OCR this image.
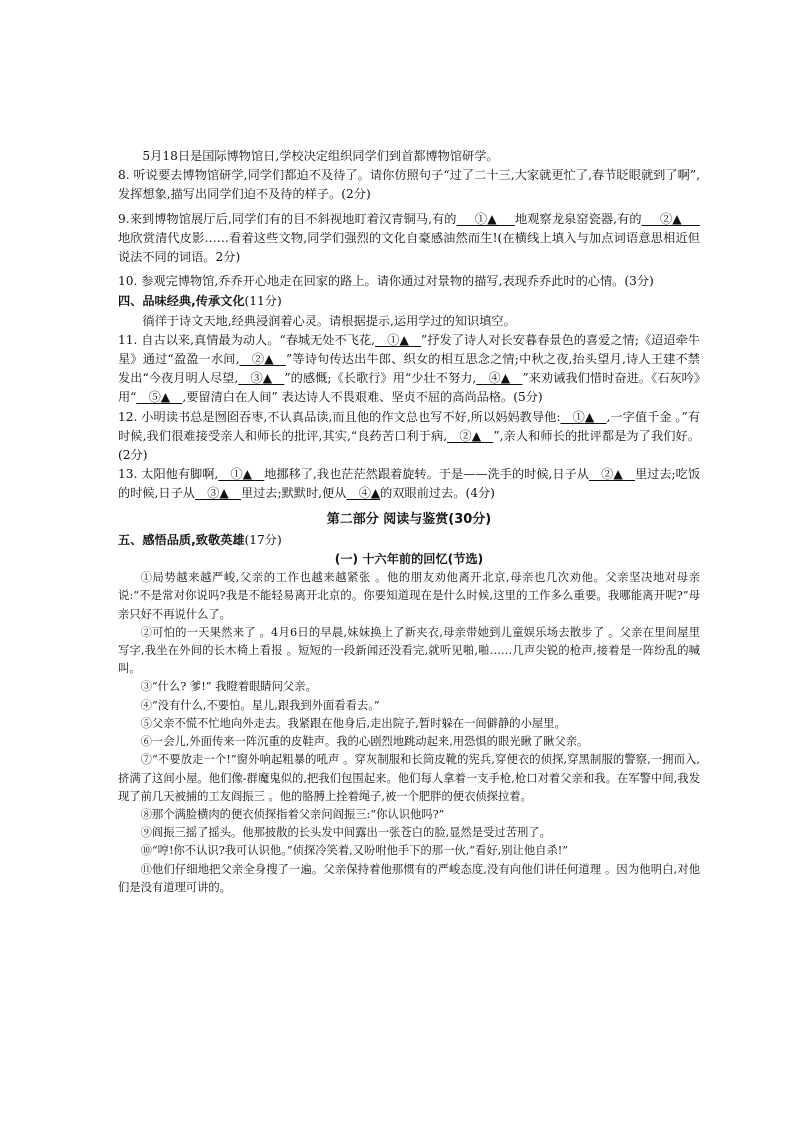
5月18日是国际博物馆日,学校决定组织同学们到首都博物馆研学。

8. 听说要去博物馆研学,同学们都迫不及待了。请你仿照句子“过了二十三,大家就更忙了,春节眨眼就到了啊”,发挥想象,描写出同学们迫不及待的样子。(2分)

9.来到博物馆展厅后,同学们有的目不斜视地盯着汉青铜马,有的___①▲___地观察龙泉窑瓷器,有的___②▲___地欣赏清代皮影……看着这些文物,同学们强烈的文化自豪感油然而生!(在横线上填入与加点词语意思相近但说法不同的词语。2分)

10. 参观完博物馆,乔乔开心地走在回家的路上。请你通过对景物的描写,表现乔乔此时的心情。(3分)

四、品味经典,传承文化(11分)

徜徉于诗文天地,经典浸润着心灵。请根据提示,运用学过的知识填空。

11. 自古以来,真情最为动人。“春城无处不飞花,__①▲__”抒发了诗人对长安暮春景色的喜爱之情;《迢迢牵牛星》通过“盈盈一水间,__②▲__”等诗句传达出牛郎、织女的相互思念之情;中秋之夜,抬头望月,诗人王建不禁发出“今夜月明人尽望,__③▲__”的感慨;《长歌行》用“少壮不努力,__④▲__”来劝诫我们惜时奋进。《石灰吟》用“__⑤▲__,要留清白在人间” 表达诗人不畏艰难、坚贞不屈的高尚品格。(5分)

12. 小明读书总是囫囵吞枣,不认真品读,而且他的作文总也写不好,所以妈妈教导他:__①▲__,一字值千金 。”有时候,我们很难接受亲人和师长的批评,其实,“良药苦口利于病,__②▲__”,亲人和师长的批评都是为了我们好。(2分)

13. 太阳他有脚啊,__①▲__地挪移了,我也茫茫然跟着旋转。于是——洗手的时候,日子从__②▲__里过去;吃饭的时候,日子从__③▲__里过去;默默时,便从__④▲的双眼前过去。(4分)

第二部分 阅读与鉴赏(30分)

五、感悟品质,致敬英雄(17分)

(一) 十六年前的回忆(节选)

①局势越来越严峻,父亲的工作也越来越紧张 。他的朋友劝他离开北京,母亲也几次劝他。父亲坚决地对母亲说:“不是常对你说吗?我是不能轻易离开北京的。你要知道现在是什么时候,这里的工作多么重要。我哪能离开呢?”母亲只好不再说什么了。

②可怕的一天果然来了 。4月6日的早晨,妹妹换上了新夹衣,母亲带她到儿童娱乐场去散步了 。父亲在里间屋里写字,我坐在外间的长木椅上看报 。短短的一段新闻还没看完,就听见啪,啪……几声尖锐的枪声,接着是一阵纷乱的喊叫。

③“什么? 爹!” 我瞪着眼睛问父亲。

④“没有什么,不要怕。星儿,跟我到外面看看去。”

⑤父亲不慌不忙地向外走去。我紧跟在他身后,走出院子,暂时躲在一间僻静的小屋里。

⑥一会儿,外面传来一阵沉重的皮鞋声。我的心剧烈地跳动起来,用恐惧的眼光瞅了瞅父亲。

⑦“不要放走一个!”窗外响起粗暴的吼声 。穿灰制服和长筒皮靴的宪兵,穿便衣的侦探,穿黑制服的警察,一拥而入,挤满了这间小屋。他们像-群魔鬼似的,把我们包围起来。他们每人拿着一支手枪,枪口对着父亲和我。在军警中间,我发现了前几天被捕的工友阎振三 。他的胳膊上拴着绳子,被一个肥胖的便衣侦探拉着。

⑧那个满脸横肉的便衣侦探指着父亲问阎振三:“你认识他吗?”

⑨阎振三摇了摇头。他那披散的长头发中间露出一张苍白的脸,显然是受过苦刑了。

⑩“哼!你不认识?我可认识他。”侦探冷笑着,又吩咐他手下的那一伙,“看好,别让他自杀!”

⑪他们仔细地把父亲全身搜了一遍。父亲保持着他那惯有的严峻态度,没有向他们讲任何道理 。因为他明白,对他们是没有道理可讲的。
